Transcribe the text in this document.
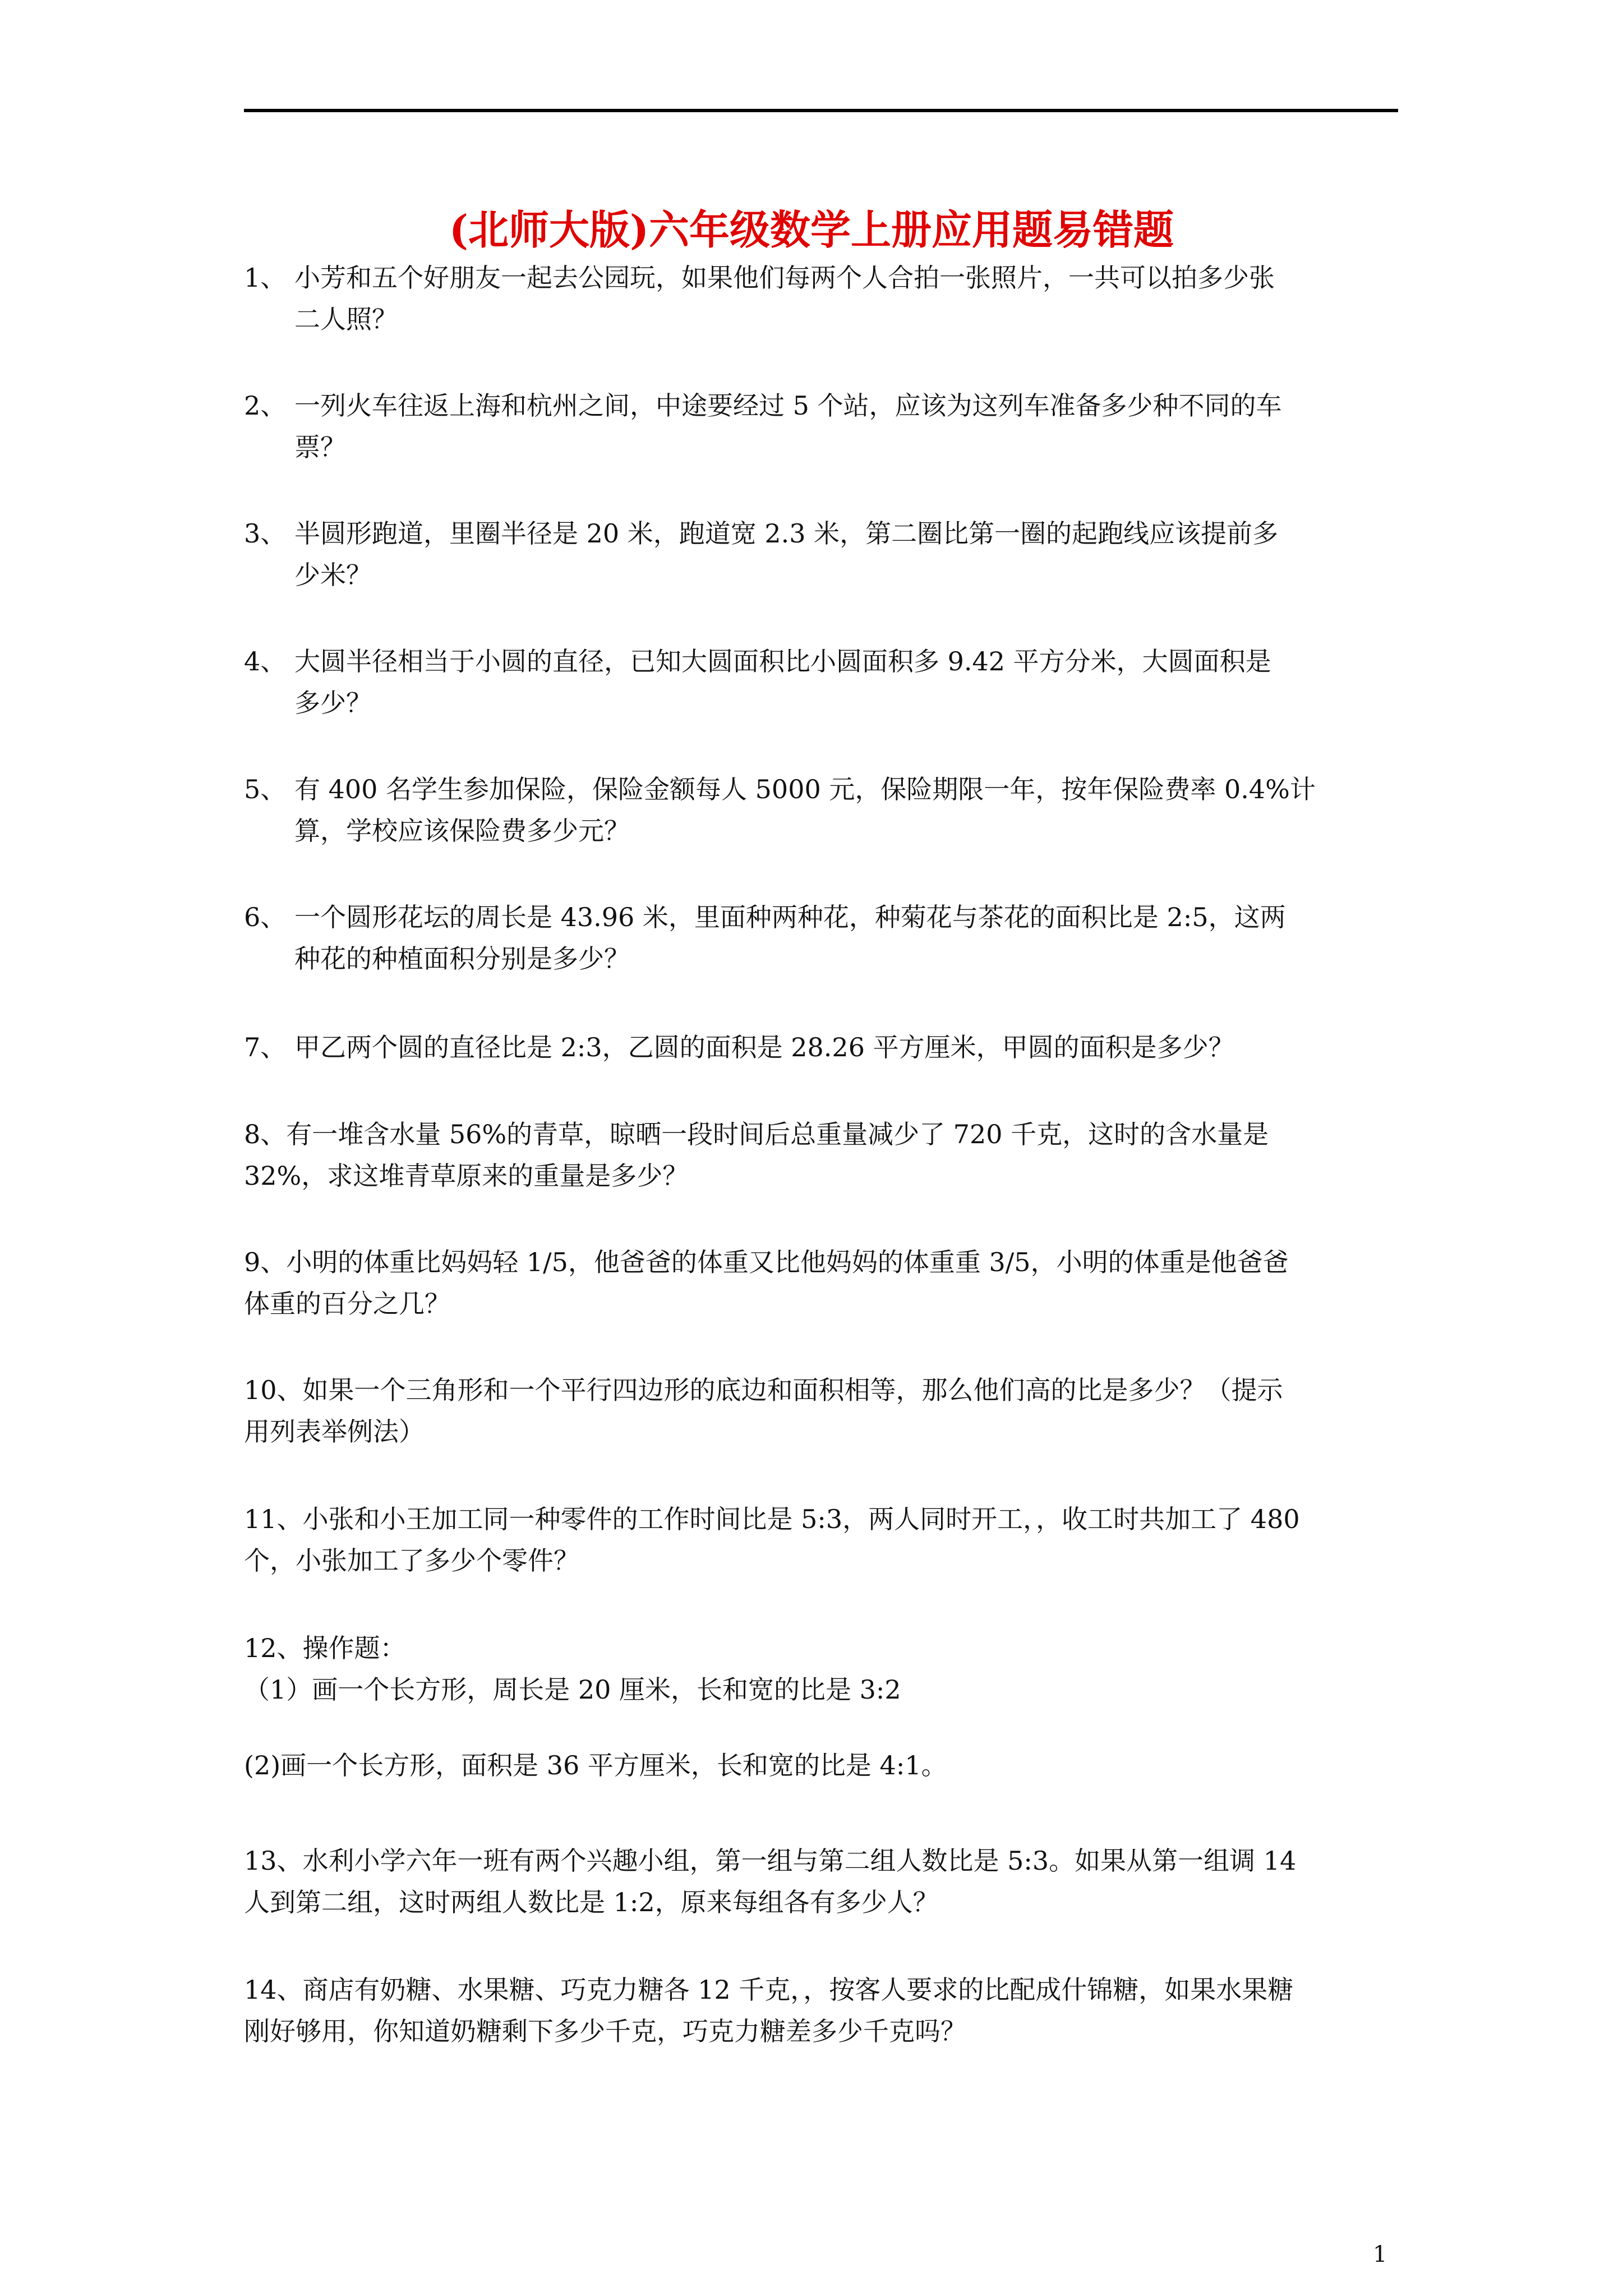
(北师大版)六年级数学上册应用题易错题
1、 小芳和五个好朋友一起去公园玩，如果他们每两个人合拍一张照片，一共可以拍多少张
二人照？
2、 一列火车往返上海和杭州之间，中途要经过 5 个站，应该为这列车准备多少种不同的车
票？
3、 半圆形跑道，里圈半径是 20 米，跑道宽 2.3 米，第二圈比第一圈的起跑线应该提前多
少米？
4、 大圆半径相当于小圆的直径，已知大圆面积比小圆面积多 9.42 平方分米，大圆面积是
多少？
5、 有 400 名学生参加保险，保险金额每人 5000 元，保险期限一年，按年保险费率 0.4%计
算，学校应该保险费多少元？
6、 一个圆形花坛的周长是 43.96 米，里面种两种花，种菊花与茶花的面积比是 2:5，这两
种花的种植面积分别是多少？
7、 甲乙两个圆的直径比是 2:3，乙圆的面积是 28.26 平方厘米，甲圆的面积是多少？
8、有一堆含水量 56%的青草，晾晒一段时间后总重量减少了 720 千克，这时的含水量是
32%，求这堆青草原来的重量是多少？
9、小明的体重比妈妈轻 1/5，他爸爸的体重又比他妈妈的体重重 3/5，小明的体重是他爸爸
体重的百分之几？
10、如果一个三角形和一个平行四边形的底边和面积相等，那么他们高的比是多少？（提示
用列表举例法）
11、小张和小王加工同一种零件的工作时间比是 5:3，两人同时开工，，收工时共加工了 480
个，小张加工了多少个零件？
12、操作题：
（1）画一个长方形，周长是 20 厘米，长和宽的比是 3:2
(2)画一个长方形，面积是 36 平方厘米，长和宽的比是 4:1。
13、水利小学六年一班有两个兴趣小组，第一组与第二组人数比是 5:3。如果从第一组调 14
人到第二组，这时两组人数比是 1:2，原来每组各有多少人？
14、商店有奶糖、水果糖、巧克力糖各 12 千克，，按客人要求的比配成什锦糖，如果水果糖
刚好够用，你知道奶糖剩下多少千克，巧克力糖差多少千克吗？
1
